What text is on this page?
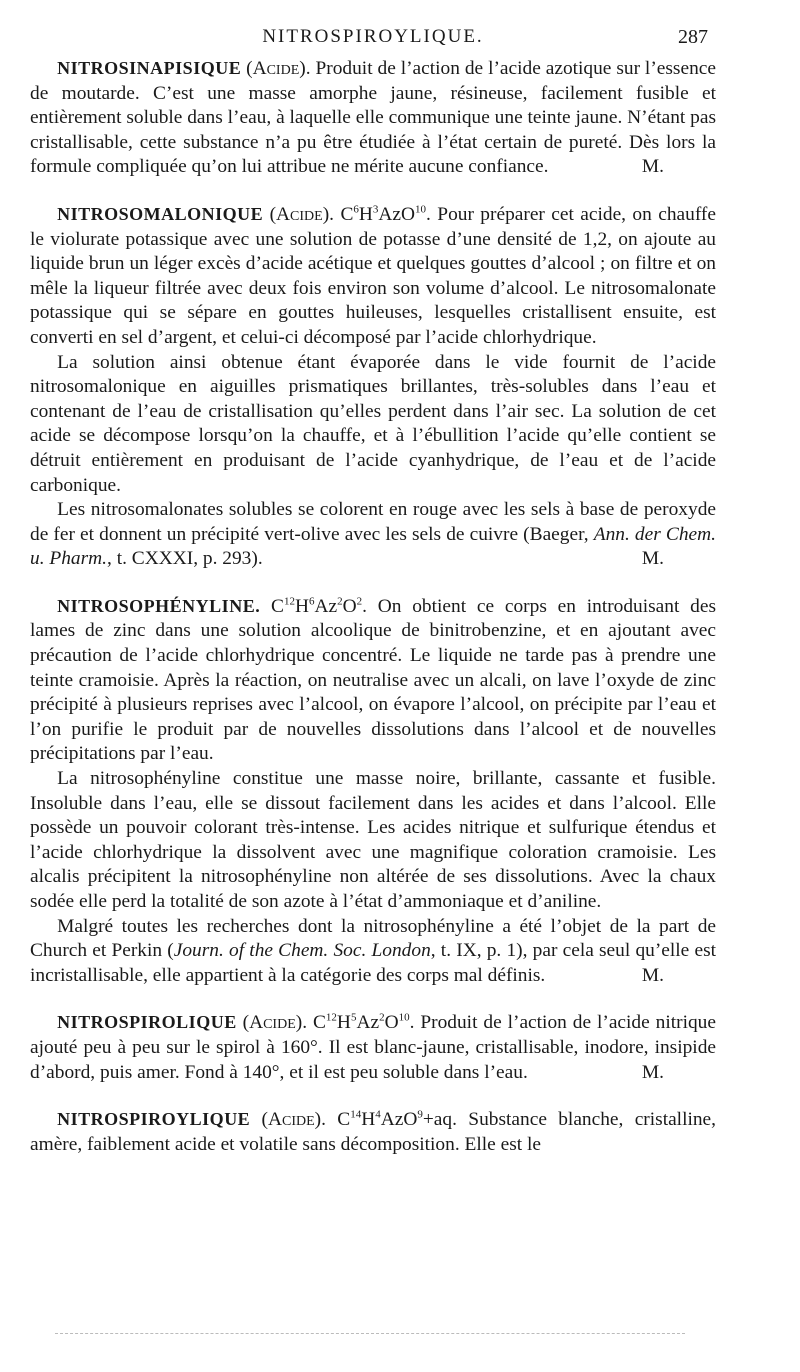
NITROSPIROYLIQUE.	287

NITROSINAPISIQUE (Acide). Produit de l’action de l’acide azotique sur l’essence de moutarde. C’est une masse amorphe jaune, résineuse, facilement fusible et entièrement soluble dans l’eau, à laquelle elle communique une teinte jaune. N’étant pas cristallisable, cette substance n’a pu être étudiée à l’état certain de pureté. Dès lors la formule compliquée qu’on lui attribue ne mérite aucune confiance.	M.

NITROSOMALONIQUE (Acide). $C^6H^3AzO^{10}$. Pour préparer cet acide, on chauffe le violurate potassique avec une solution de potasse d’une densité de 1,2, on ajoute au liquide brun un léger excès d’acide acétique et quelques gouttes d’alcool ; on filtre et on mêle la liqueur filtrée avec deux fois environ son volume d’alcool. Le nitrosomalonate potassique qui se sépare en gouttes huileuses, lesquelles cristallisent ensuite, est converti en sel d’argent, et celui-ci décomposé par l’acide chlorhydrique.

La solution ainsi obtenue étant évaporée dans le vide fournit de l’acide nitrosomalonique en aiguilles prismatiques brillantes, très-solubles dans l’eau et contenant de l’eau de cristallisation qu’elles perdent dans l’air sec. La solution de cet acide se décompose lorsqu’on la chauffe, et à l’ébullition l’acide qu’elle contient se détruit entièrement en produisant de l’acide cyanhydrique, de l’eau et de l’acide carbonique.

Les nitrosomalonates solubles se colorent en rouge avec les sels à base de peroxyde de fer et donnent un précipité vert-olive avec les sels de cuivre (Baeger, Ann. der Chem. u. Pharm., t. CXXXI, p. 293).	M.

NITROSOPHÉNYLINE. $C^{12}H^6Az^2O^2$. On obtient ce corps en introduisant des lames de zinc dans une solution alcoolique de binitrobenzine, et en ajoutant avec précaution de l’acide chlorhydrique concentré. Le liquide ne tarde pas à prendre une teinte cramoisie. Après la réaction, on neutralise avec un alcali, on lave l’oxyde de zinc précipité à plusieurs reprises avec l’alcool, on évapore l’alcool, on précipite par l’eau et l’on purifie le produit par de nouvelles dissolutions dans l’alcool et de nouvelles précipitations par l’eau.

La nitrosophényline constitue une masse noire, brillante, cassante et fusible. Insoluble dans l’eau, elle se dissout facilement dans les acides et dans l’alcool. Elle possède un pouvoir colorant très-intense. Les acides nitrique et sulfurique étendus et l’acide chlorhydrique la dissolvent avec une magnifique coloration cramoisie. Les alcalis précipitent la nitrosophényline non altérée de ses dissolutions. Avec la chaux sodée elle perd la totalité de son azote à l’état d’ammoniaque et d’aniline.

Malgré toutes les recherches dont la nitrosophényline a été l’objet de la part de Church et Perkin (Journ. of the Chem. Soc. London, t. IX, p. 1), par cela seul qu’elle est incristallisable, elle appartient à la catégorie des corps mal définis.	M.

NITROSPIROLIQUE (Acide). $C^{12}H^5Az^2O^{10}$. Produit de l’action de l’acide nitrique ajouté peu à peu sur le spirol à 160°. Il est blanc-jaune, cristallisable, inodore, insipide d’abord, puis amer. Fond à 140°, et il est peu soluble dans l’eau.	M.

NITROSPIROYLIQUE (Acide). $C^{14}H^4AzO^9+aq$. Substance blanche, cristalline, amère, faiblement acide et volatile sans décomposition. Elle est le
